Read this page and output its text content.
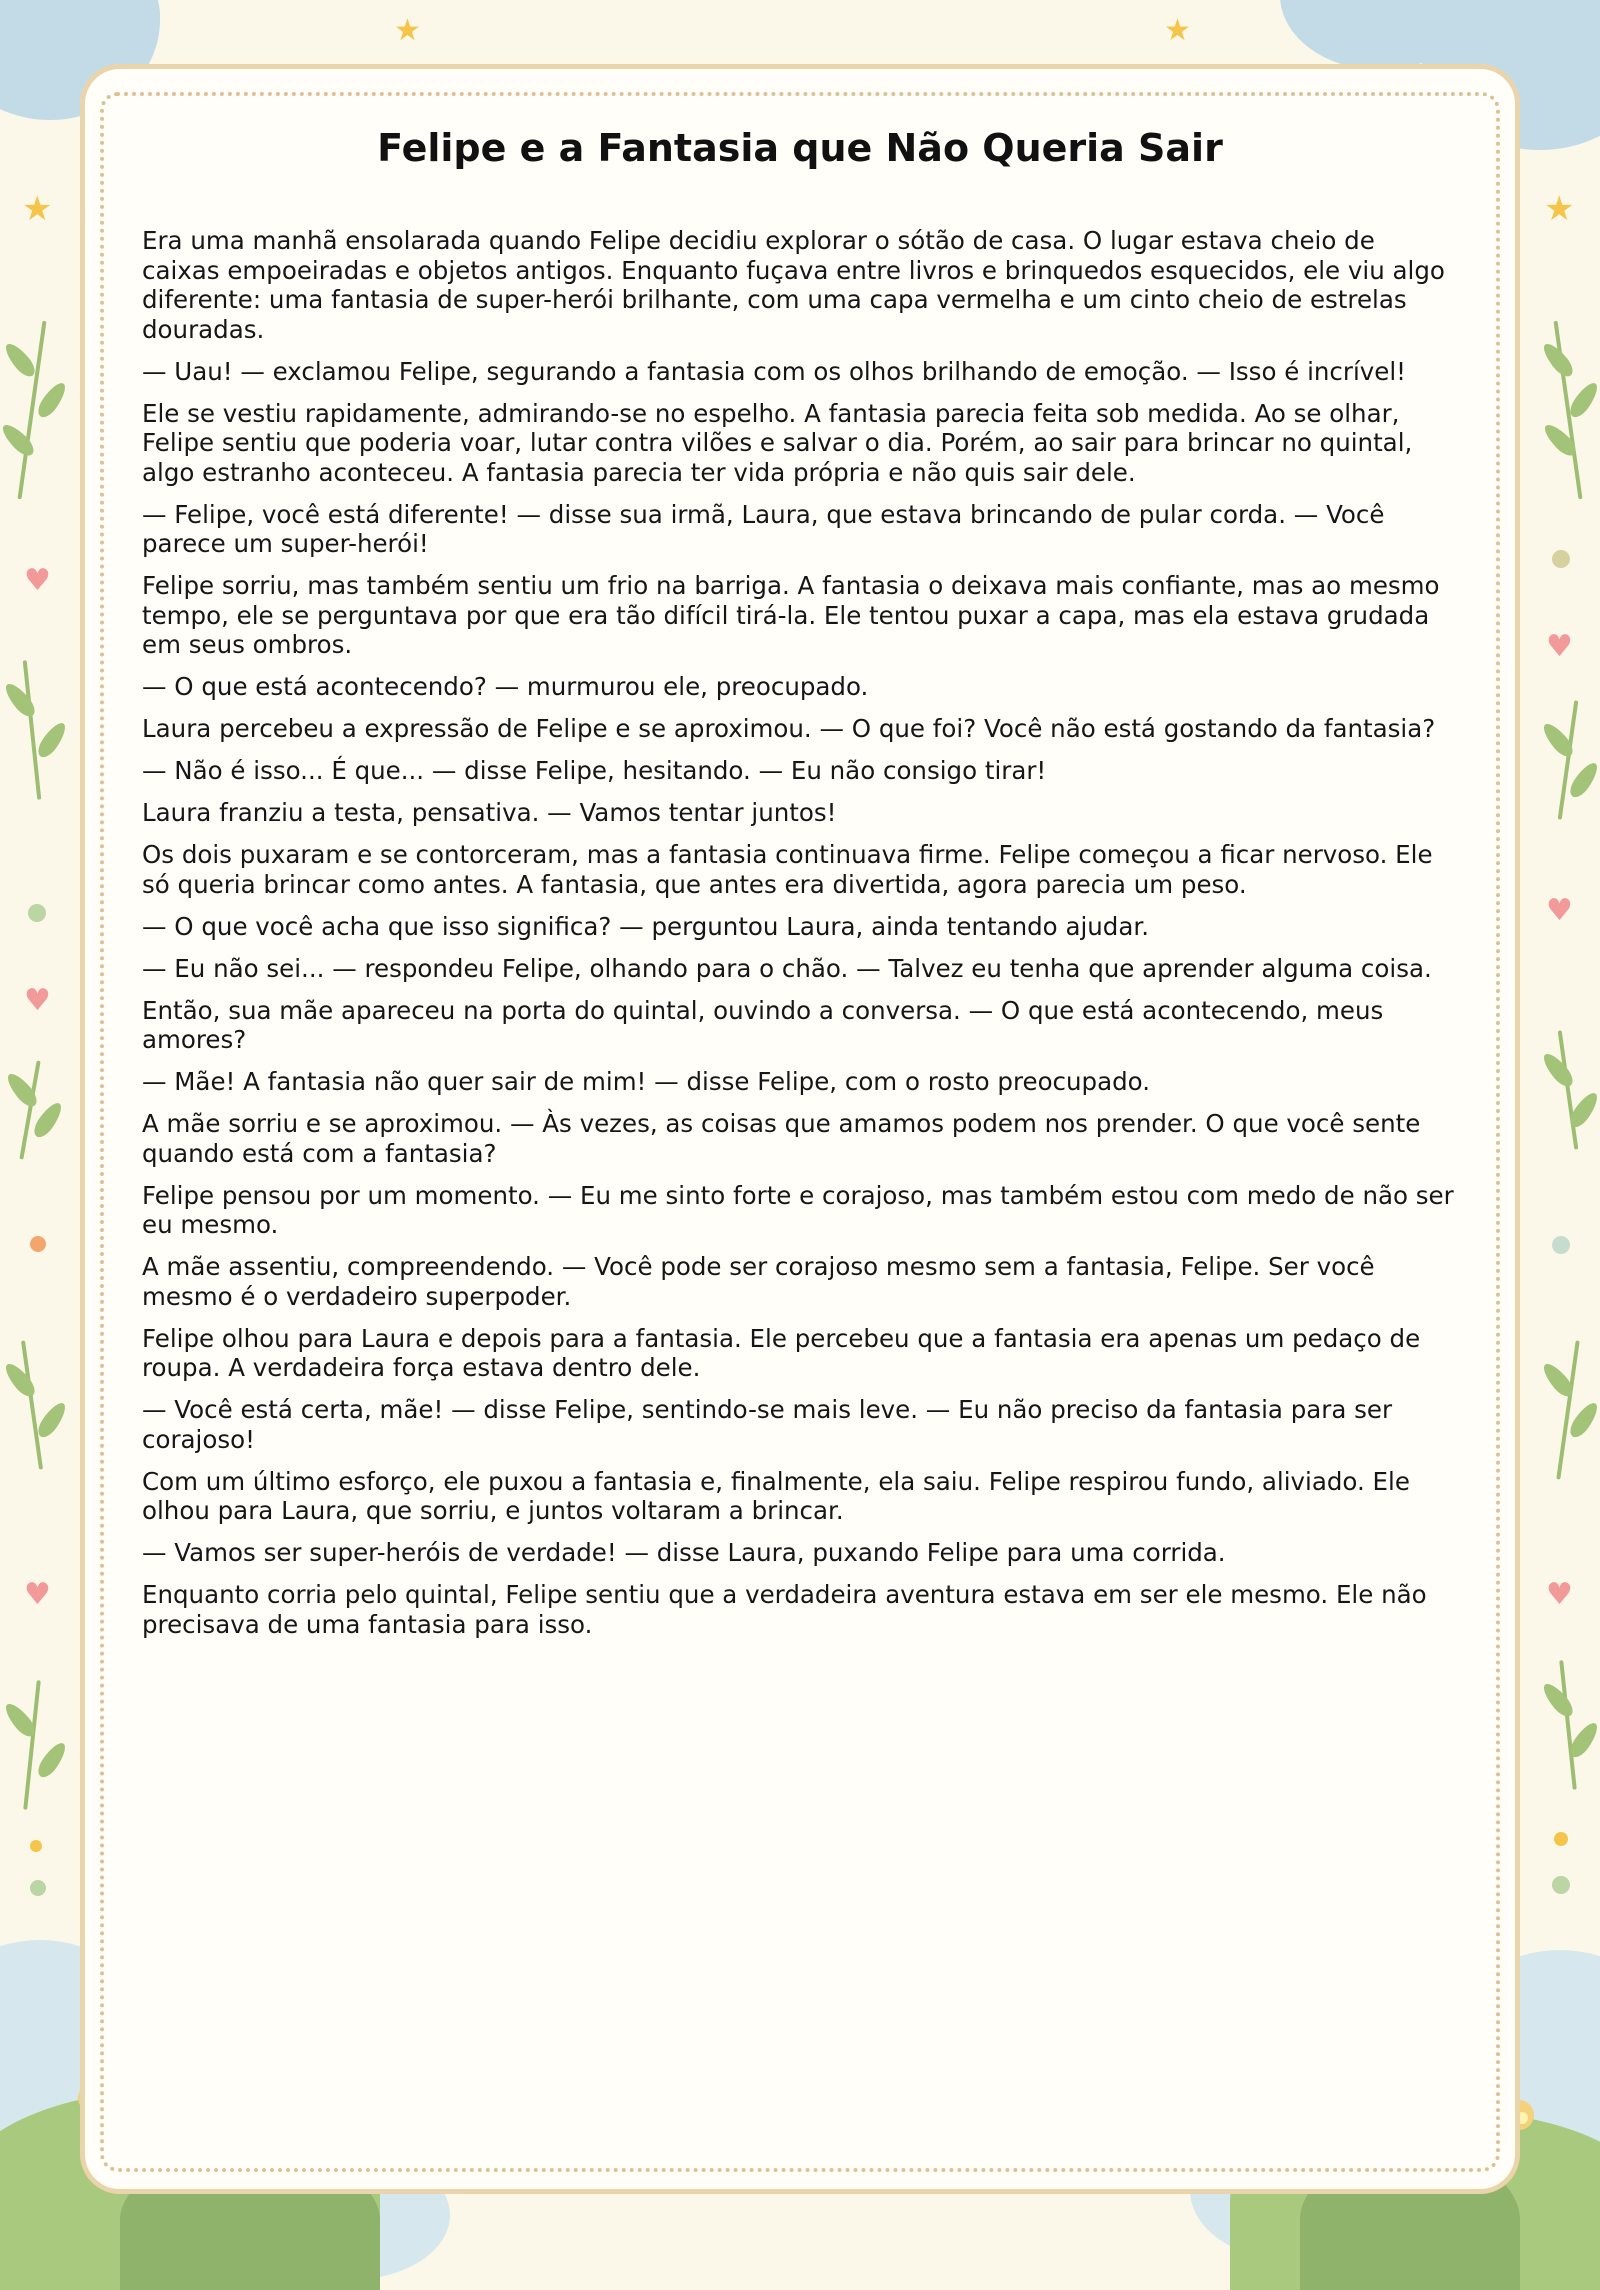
♥
♥
♥
♥
♥
♥
★	★
★	★
Felipe e a Fantasia que Não Queria Sair

Era uma manhã ensolarada quando Felipe decidiu explorar o sótão de casa. O lugar estava cheio de caixas empoeiradas e objetos antigos. Enquanto fuçava entre livros e brinquedos esquecidos, ele viu algo diferente: uma fantasia de super-herói brilhante, com uma capa vermelha e um cinto cheio de estrelas douradas.

— Uau! — exclamou Felipe, segurando a fantasia com os olhos brilhando de emoção. — Isso é incrível!

Ele se vestiu rapidamente, admirando-se no espelho. A fantasia parecia feita sob medida. Ao se olhar, Felipe sentiu que poderia voar, lutar contra vilões e salvar o dia. Porém, ao sair para brincar no quintal, algo estranho aconteceu. A fantasia parecia ter vida própria e não quis sair dele.

— Felipe, você está diferente! — disse sua irmã, Laura, que estava brincando de pular corda. — Você parece um super-herói!

Felipe sorriu, mas também sentiu um frio na barriga. A fantasia o deixava mais confiante, mas ao mesmo tempo, ele se perguntava por que era tão difícil tirá-la. Ele tentou puxar a capa, mas ela estava grudada em seus ombros.

— O que está acontecendo? — murmurou ele, preocupado.

Laura percebeu a expressão de Felipe e se aproximou. — O que foi? Você não está gostando da fantasia?

— Não é isso... É que... — disse Felipe, hesitando. — Eu não consigo tirar!

Laura franziu a testa, pensativa. — Vamos tentar juntos!

Os dois puxaram e se contorceram, mas a fantasia continuava firme. Felipe começou a ficar nervoso. Ele só queria brincar como antes. A fantasia, que antes era divertida, agora parecia um peso.

— O que você acha que isso significa? — perguntou Laura, ainda tentando ajudar.

— Eu não sei... — respondeu Felipe, olhando para o chão. — Talvez eu tenha que aprender alguma coisa.

Então, sua mãe apareceu na porta do quintal, ouvindo a conversa. — O que está acontecendo, meus amores?

— Mãe! A fantasia não quer sair de mim! — disse Felipe, com o rosto preocupado.

A mãe sorriu e se aproximou. — Às vezes, as coisas que amamos podem nos prender. O que você sente quando está com a fantasia?

Felipe pensou por um momento. — Eu me sinto forte e corajoso, mas também estou com medo de não ser eu mesmo.

A mãe assentiu, compreendendo. — Você pode ser corajoso mesmo sem a fantasia, Felipe. Ser você mesmo é o verdadeiro superpoder.

Felipe olhou para Laura e depois para a fantasia. Ele percebeu que a fantasia era apenas um pedaço de roupa. A verdadeira força estava dentro dele.

— Você está certa, mãe! — disse Felipe, sentindo-se mais leve. — Eu não preciso da fantasia para ser corajoso!

Com um último esforço, ele puxou a fantasia e, finalmente, ela saiu. Felipe respirou fundo, aliviado. Ele olhou para Laura, que sorriu, e juntos voltaram a brincar.

— Vamos ser super-heróis de verdade! — disse Laura, puxando Felipe para uma corrida.

Enquanto corria pelo quintal, Felipe sentiu que a verdadeira aventura estava em ser ele mesmo. Ele não precisava de uma fantasia para isso.
